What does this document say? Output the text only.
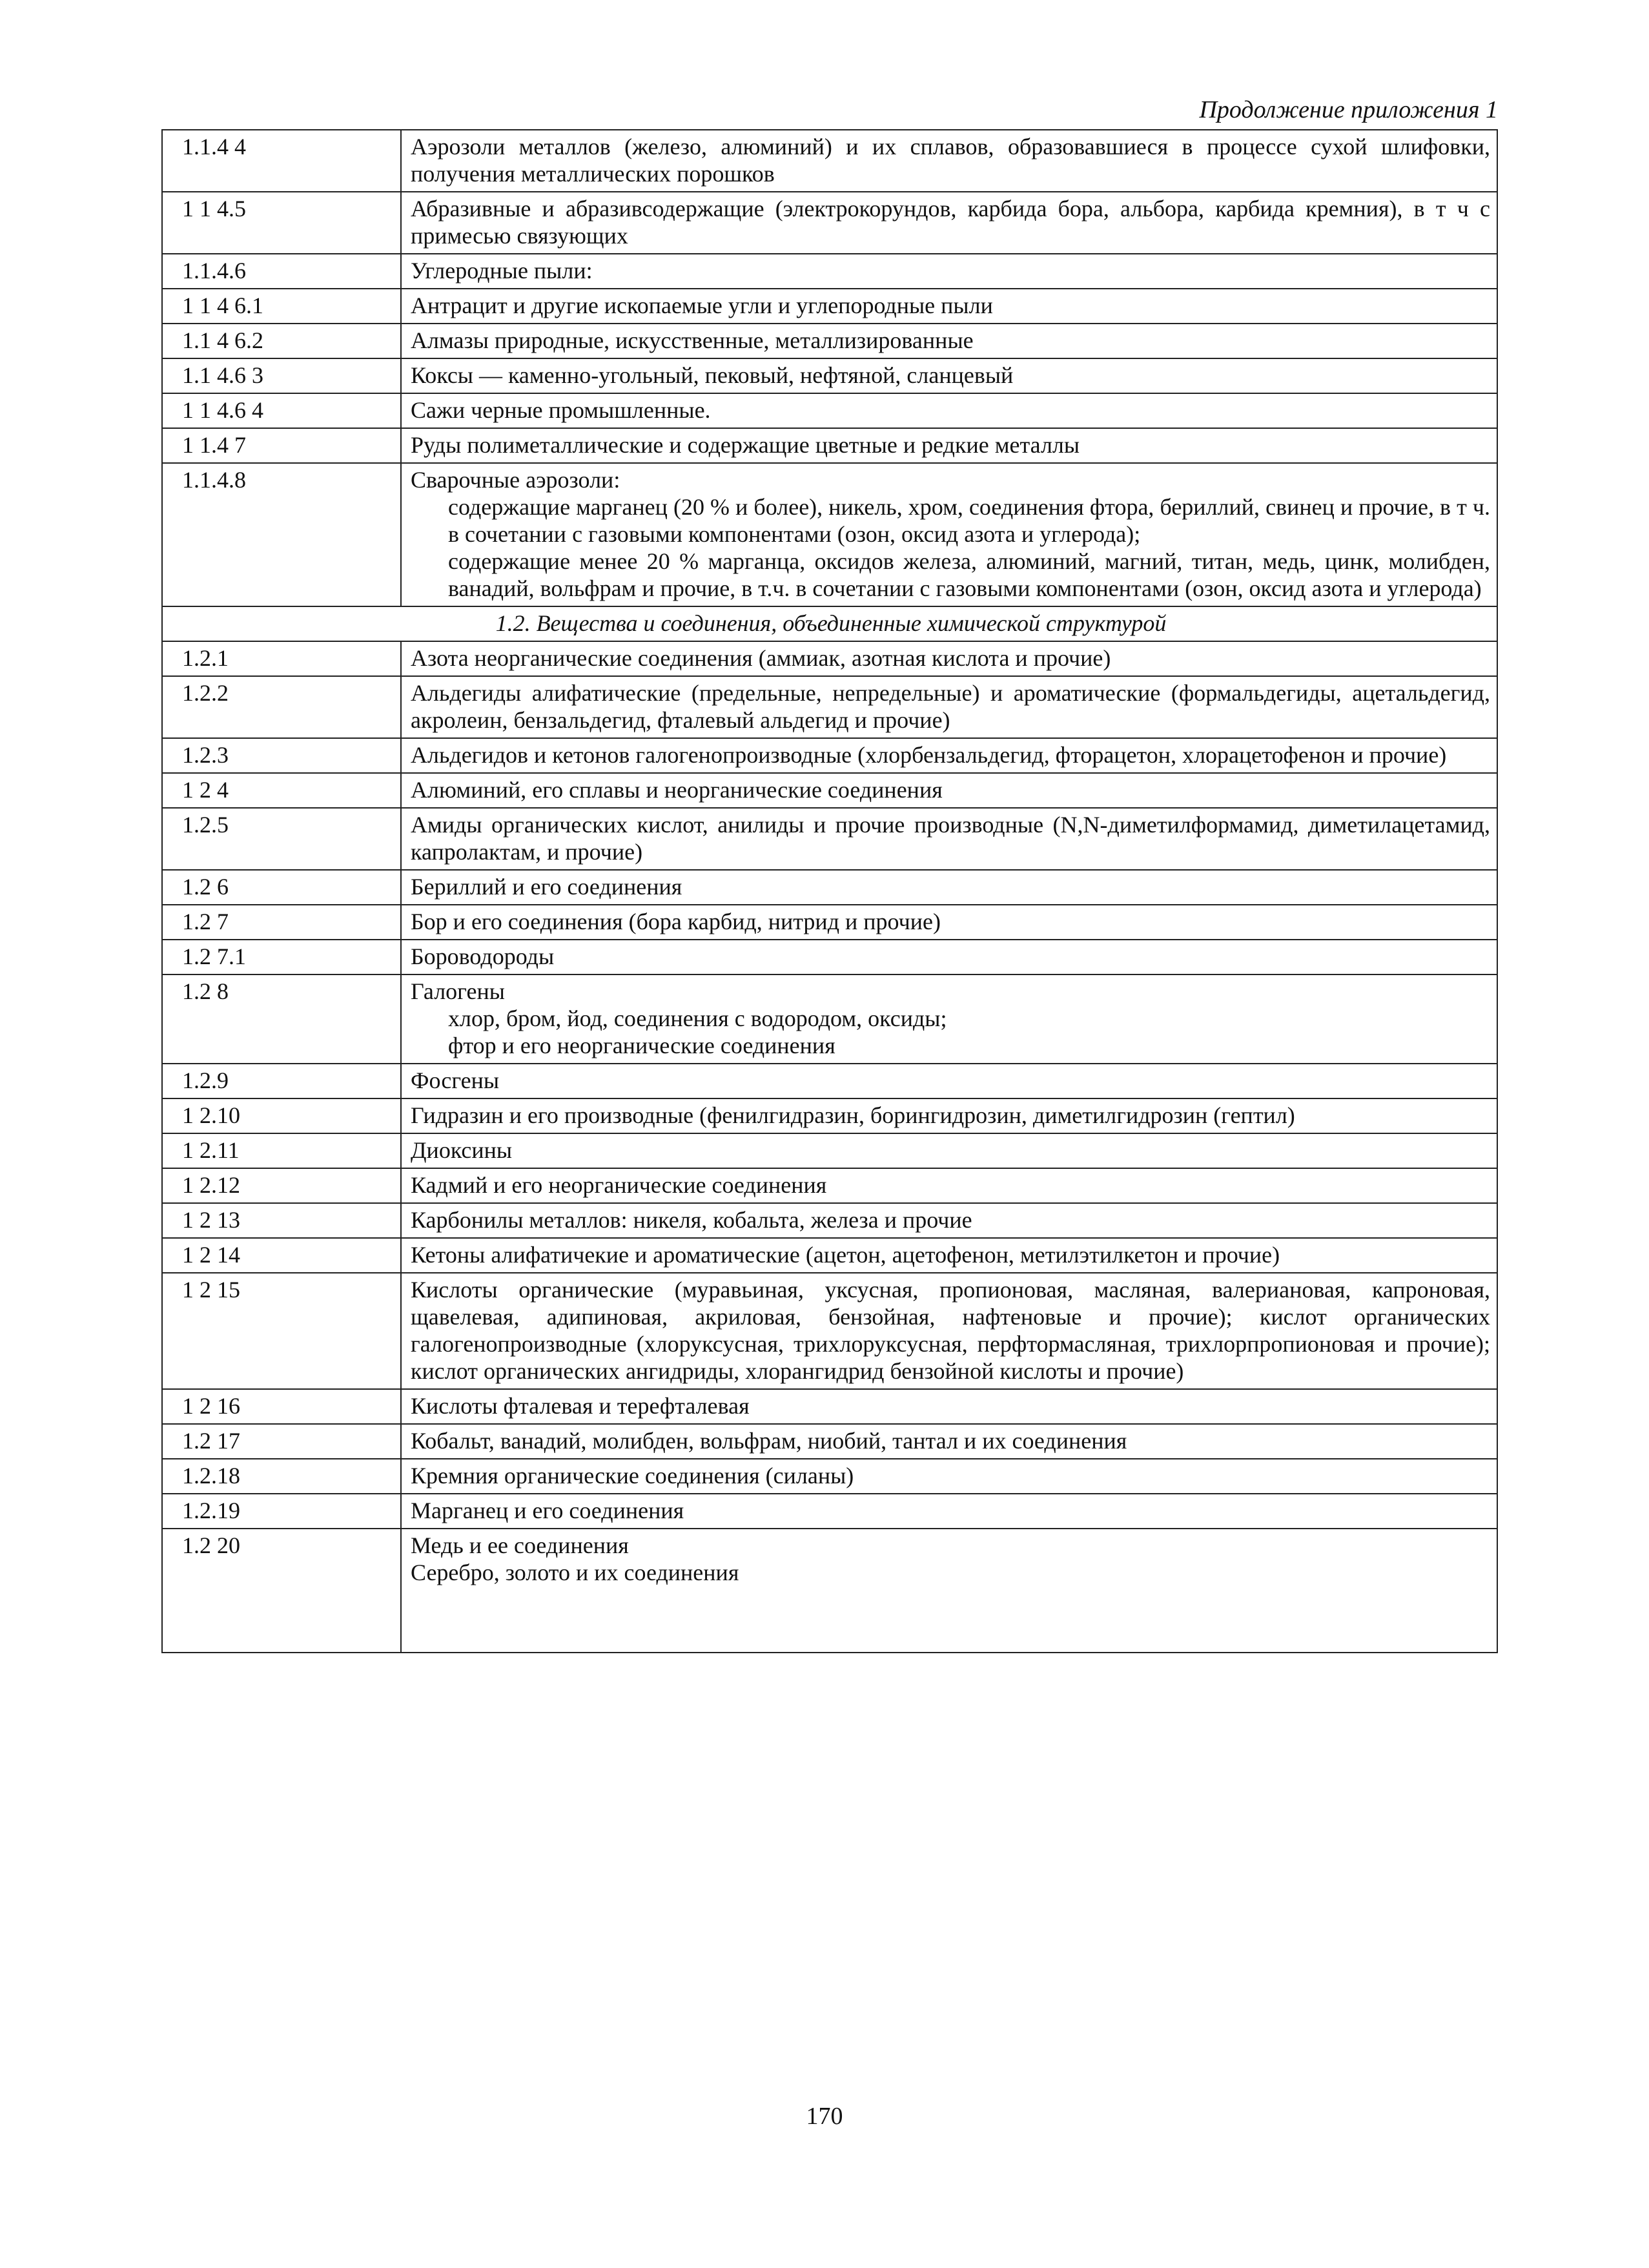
Продолжение приложения 1
1.1.4 4	Аэрозоли металлов (железо, алюминий) и их сплавов, образовавшиеся в процессе сухой шлифовки, получения металлических порошков
1 1 4.5	Абразивные и абразивсодержащие (электрокорундов, карбида бора, альбора, карбида кремния), в т ч с примесью связующих
1.1.4.6	Углеродные пыли:
1 1 4 6.1	Антрацит и другие ископаемые угли и углепородные пыли
1.1 4 6.2	Алмазы природные, искусственные, металлизированные
1.1 4.6 3	Коксы — каменно-угольный, пековый, нефтяной, сланцевый
1 1 4.6 4	Сажи черные промышленные.
1 1.4 7	Руды полиметаллические и содержащие цветные и редкие металлы
1.1.4.8	Сварочные аэрозоли:
содержащие марганец (20 % и более), никель, хром, соединения фтора, бериллий, свинец и прочие, в т ч. в сочетании с газовыми компонентами (озон, оксид азота и углерода);
содержащие менее 20 % марганца, оксидов железа, алюминий, магний, титан, медь, цинк, молибден, ванадий, вольфрам и прочие, в т.ч. в сочетании с газовыми компонентами (озон, оксид азота и углерода)

1.2. Вещества и соединения, объединенные химической структурой	
1.2.1	Азота неорганические соединения (аммиак, азотная кислота и прочие)
1.2.2	Альдегиды алифатические (предельные, непредельные) и ароматические (формальдегиды, ацетальдегид, акролеин, бензальдегид, фталевый альдегид и прочие)
1.2.3	Альдегидов и кетонов галогенопроизводные (хлорбензальдегид, фторацетон, хлорацетофенон и прочие)
1 2 4	Алюминий, его сплавы и неорганические соединения
1.2.5	Амиды органических кислот, анилиды и прочие производные (N,N-диметилформамид, диметилацетамид, капролактам, и прочие)
1.2 6	Бериллий и его соединения
1.2 7	Бор и его соединения (бора карбид, нитрид и прочие)
1.2 7.1	Бороводороды
1.2 8	Галогены
хлор, бром, йод, соединения с водородом, оксиды;
фтор и его неорганические соединения

1.2.9	Фосгены
1 2.10	Гидразин и его производные (фенилгидразин, борингидрозин, диметилгидрозин (гептил)
1 2.11	Диоксины
1 2.12	Кадмий и его неорганические соединения
1 2 13	Карбонилы металлов: никеля, кобальта, железа и прочие
1 2 14	Кетоны алифатичекие и ароматические (ацетон, ацетофенон, метилэтилкетон и прочие)
1 2 15	Кислоты органические (муравьиная, уксусная, пропионовая, масляная, валериановая, капроновая, щавелевая, адипиновая, акриловая, бензойная, нафтеновые и прочие); кислот органических галогенопроизводные (хлоруксусная, трихлоруксусная, перфтормасляная, трихлорпропионовая и прочие); кислот органических ангидриды, хлорангидрид бензойной кислоты и прочие)
1 2 16	Кислоты фталевая и терефталевая
1.2 17	Кобальт, ванадий, молибден, вольфрам, ниобий, тантал и их соединения
1.2.18	Кремния органические соединения (силаны)
1.2.19	Марганец и его соединения
1.2 20	Медь и ее соединения
Серебро, золото и их соединения
170
